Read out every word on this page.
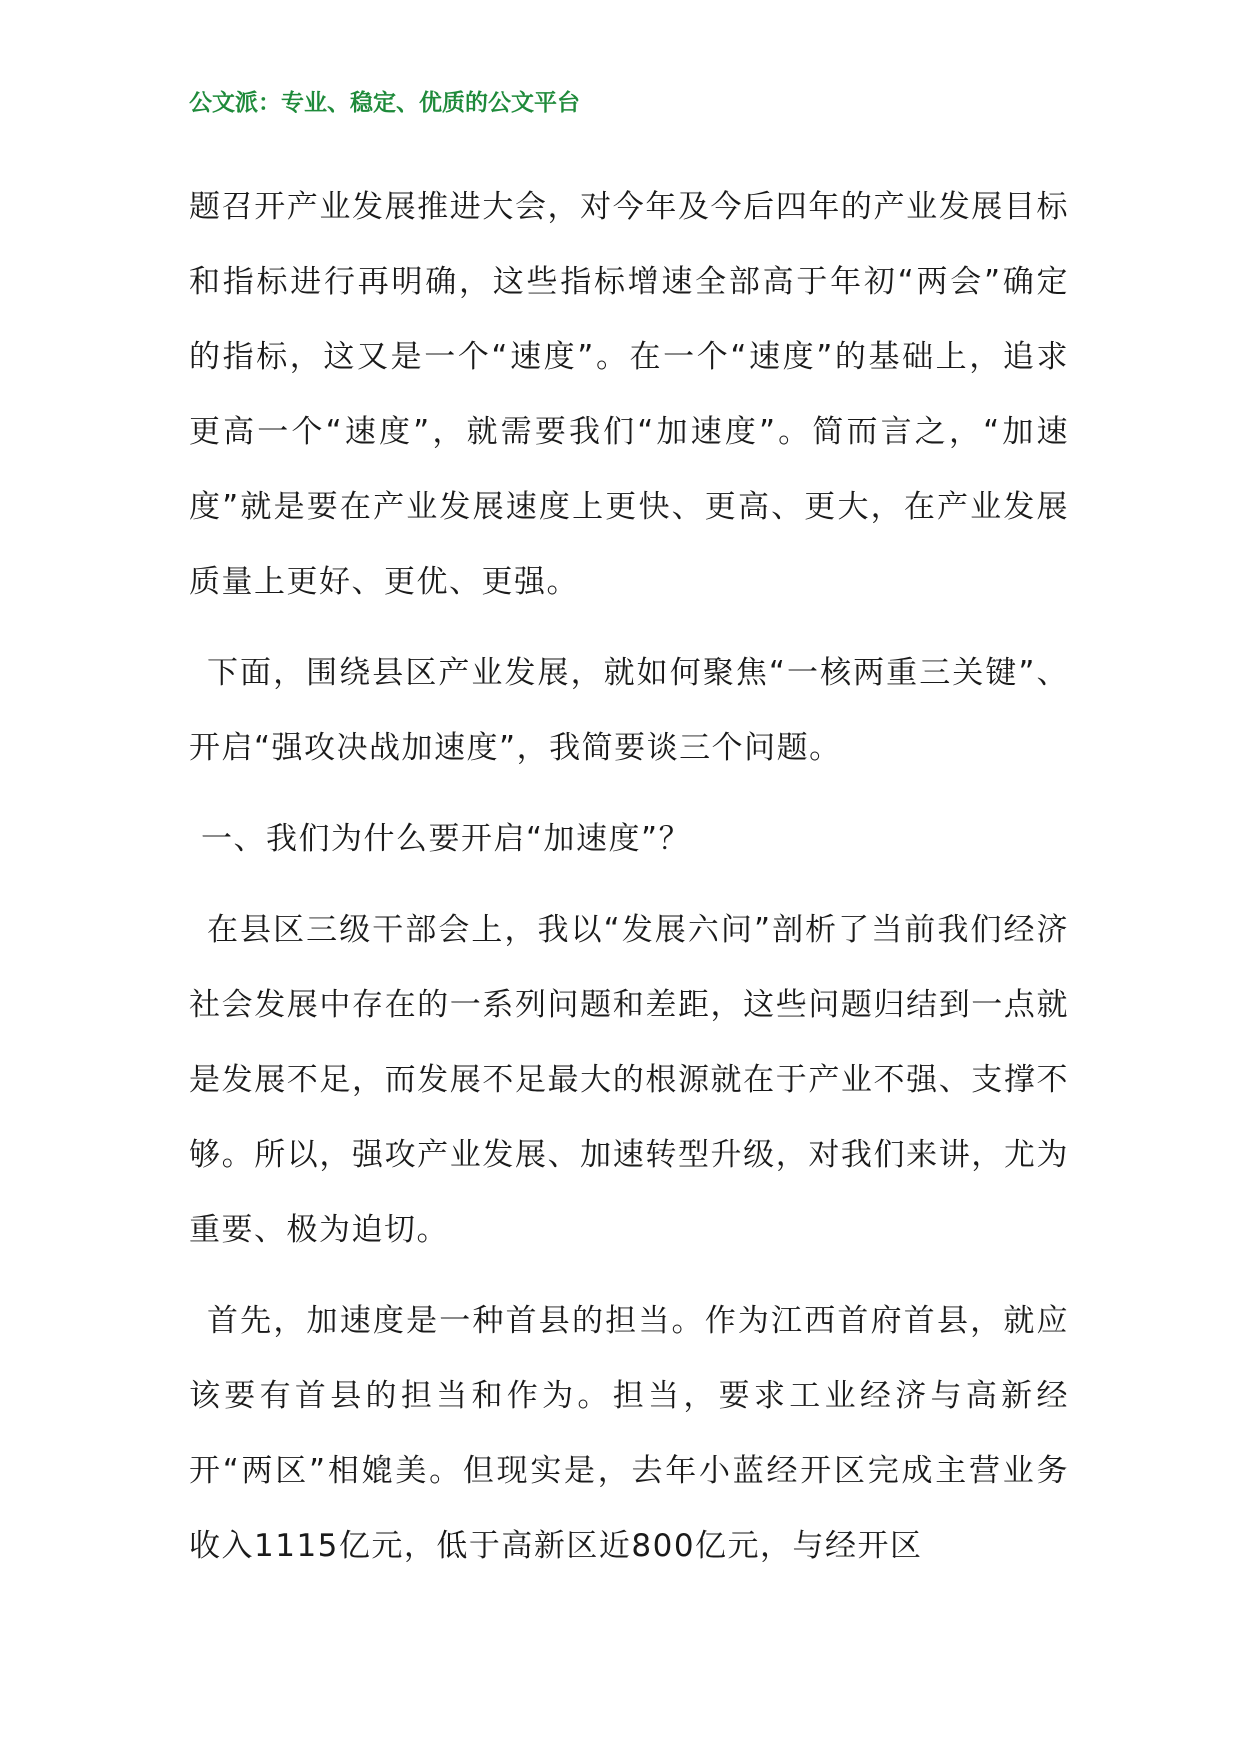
公文派：专业、稳定、优质的公文平台

题召开产业发展推进大会，对今年及今后四年的产业发展目标和指标进行再明确，这些指标增速全部高于年初“两会”确定的指标，这又是一个“速度”。在一个“速度”的基础上，追求更高一个“速度”，就需要我们“加速度”。简而言之，“加速度”就是要在产业发展速度上更快、更高、更大，在产业发展质量上更好、更优、更强。

下面，围绕县区产业发展，就如何聚焦“一核两重三关键”、开启“强攻决战加速度”，我简要谈三个问题。

一、我们为什么要开启“加速度”？

在县区三级干部会上，我以“发展六问”剖析了当前我们经济社会发展中存在的一系列问题和差距，这些问题归结到一点就是发展不足，而发展不足最大的根源就在于产业不强、支撑不够。所以，强攻产业发展、加速转型升级，对我们来讲，尤为重要、极为迫切。

首先，加速度是一种首县的担当。作为江西首府首县，就应该要有首县的担当和作为。担当，要求工业经济与高新经开“两区”相媲美。但现实是，去年小蓝经开区完成主营业务收入1115亿元，低于高新区近800亿元，与经开区
